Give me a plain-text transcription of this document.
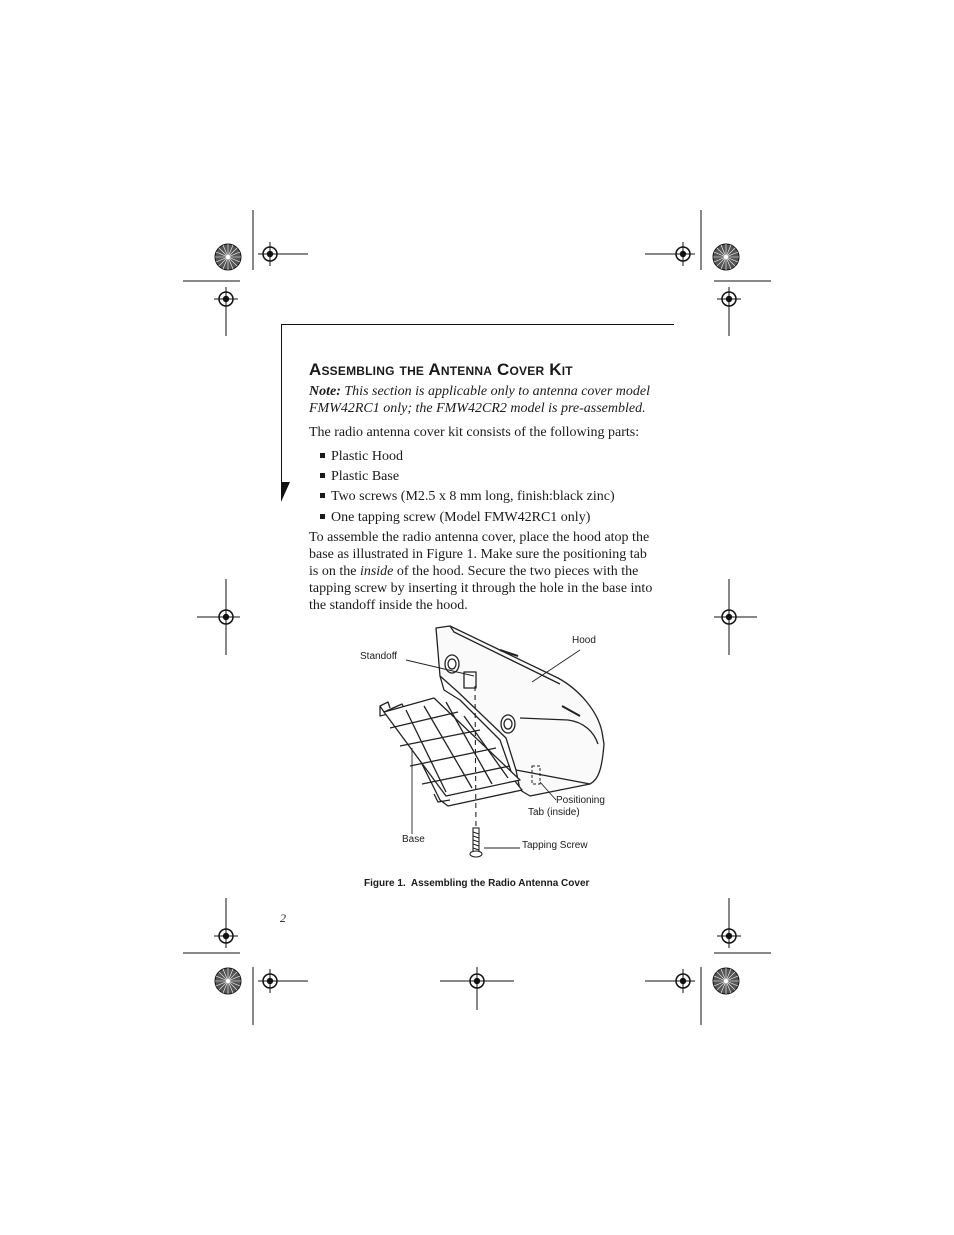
Assembling the Antenna Cover Kit

Note: This section is applicable only to antenna cover model FMW42RC1 only; the FMW42CR2 model is pre-assembled.

The radio antenna cover kit consists of the following parts:

Plastic Hood
Plastic Base
Two screws (M2.5 x 8 mm long, finish:black zinc)
One tapping screw (Model FMW42RC1 only)

To assemble the radio antenna cover, place the hood atop the base as illustrated in Figure 1. Make sure the positioning tab is on the inside of the hood. Secure the two pieces with the tapping screw by inserting it through the hole in the base into the standoff inside the hood.

Hood
Standoff
Positioning
Tab (inside)
Base
Tapping Screw
Figure 1.  Assembling the Radio Antenna Cover
2
